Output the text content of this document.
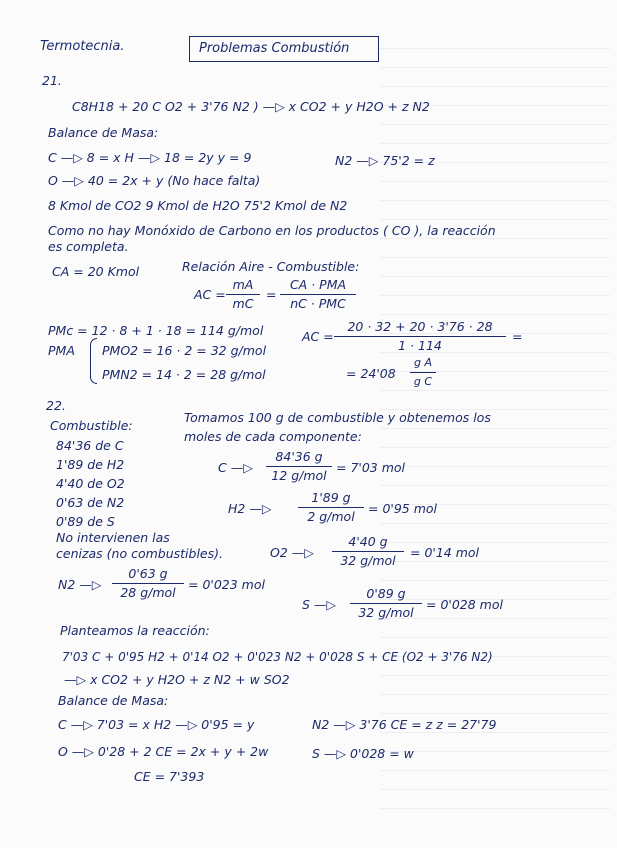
Termotecnia.	Problemas Combustión
21.
C8H18 + 20 C O2 + 3'76 N2 ) —▷ x CO2 + y H2O + z N2
Balance de Masa:
C —▷ 8 = x H —▷ 18 = 2y y = 9	N2 —▷ 75'2 = z
O —▷ 40 = 2x + y (No hace falta)
8 Kmol de CO2 9 Kmol de H2O 75'2 Kmol de N2
Como no hay Monóxido de Carbono en los productos ( CO ), la reacción
es completa.
CA = 20 Kmol	Relación Aire - Combustible:
AC = $\frac{mA}{mC}$ =
CA · PMA
nC · PMC
PMc = 12 · 8 + 1 · 18 = 114 g/mol
PMA PMO2 = 16 · 2 = 32 g/mol
PMN2 = 14 · 2 = 28 g/mol
AC = $\frac{20 \cdot 32 + 20 \cdot 3'76 \cdot 28}{1 \cdot 114}$ =
= $24'08 \frac{\text{g A}}{\text{g C}}$
22.
Combustible:
84'36 de C
1'89 de H2
4'40 de O2
0'63 de N2
0'89 de S
Tomamos 100 g de combustible y obtenemos los
moles de cada componente:
C —▷
84'36 g
12 g/mol
= 7'03 mol
H2 —▷
1'89 g
2 g/mol
= 0'95 mol
No intervienen las
cenizas (no combustibles).	O2 —▷
4'40 g
32 g/mol
= 0'14 mol
N2 —▷
0'63 g
28 g/mol
= 0'023 mol
S —▷
0'89 g
32 g/mol
= 0'028 mol
Planteamos la reacción:
7'03 C + 0'95 H2 + 0'14 O2 + 0'023 N2 + 0'028 S + CE (O2 + 3'76 N2)
—▷ x CO2 + y H2O + z N2 + w SO2
Balance de Masa:
C —▷ 7'03 = x H2 —▷ 0'95 = y	N2 —▷ 3'76 CE = z z = 27'79
O —▷ 0'28 + 2 CE = 2x + y + 2w	S —▷ 0'028 = w
CE = 7'393
